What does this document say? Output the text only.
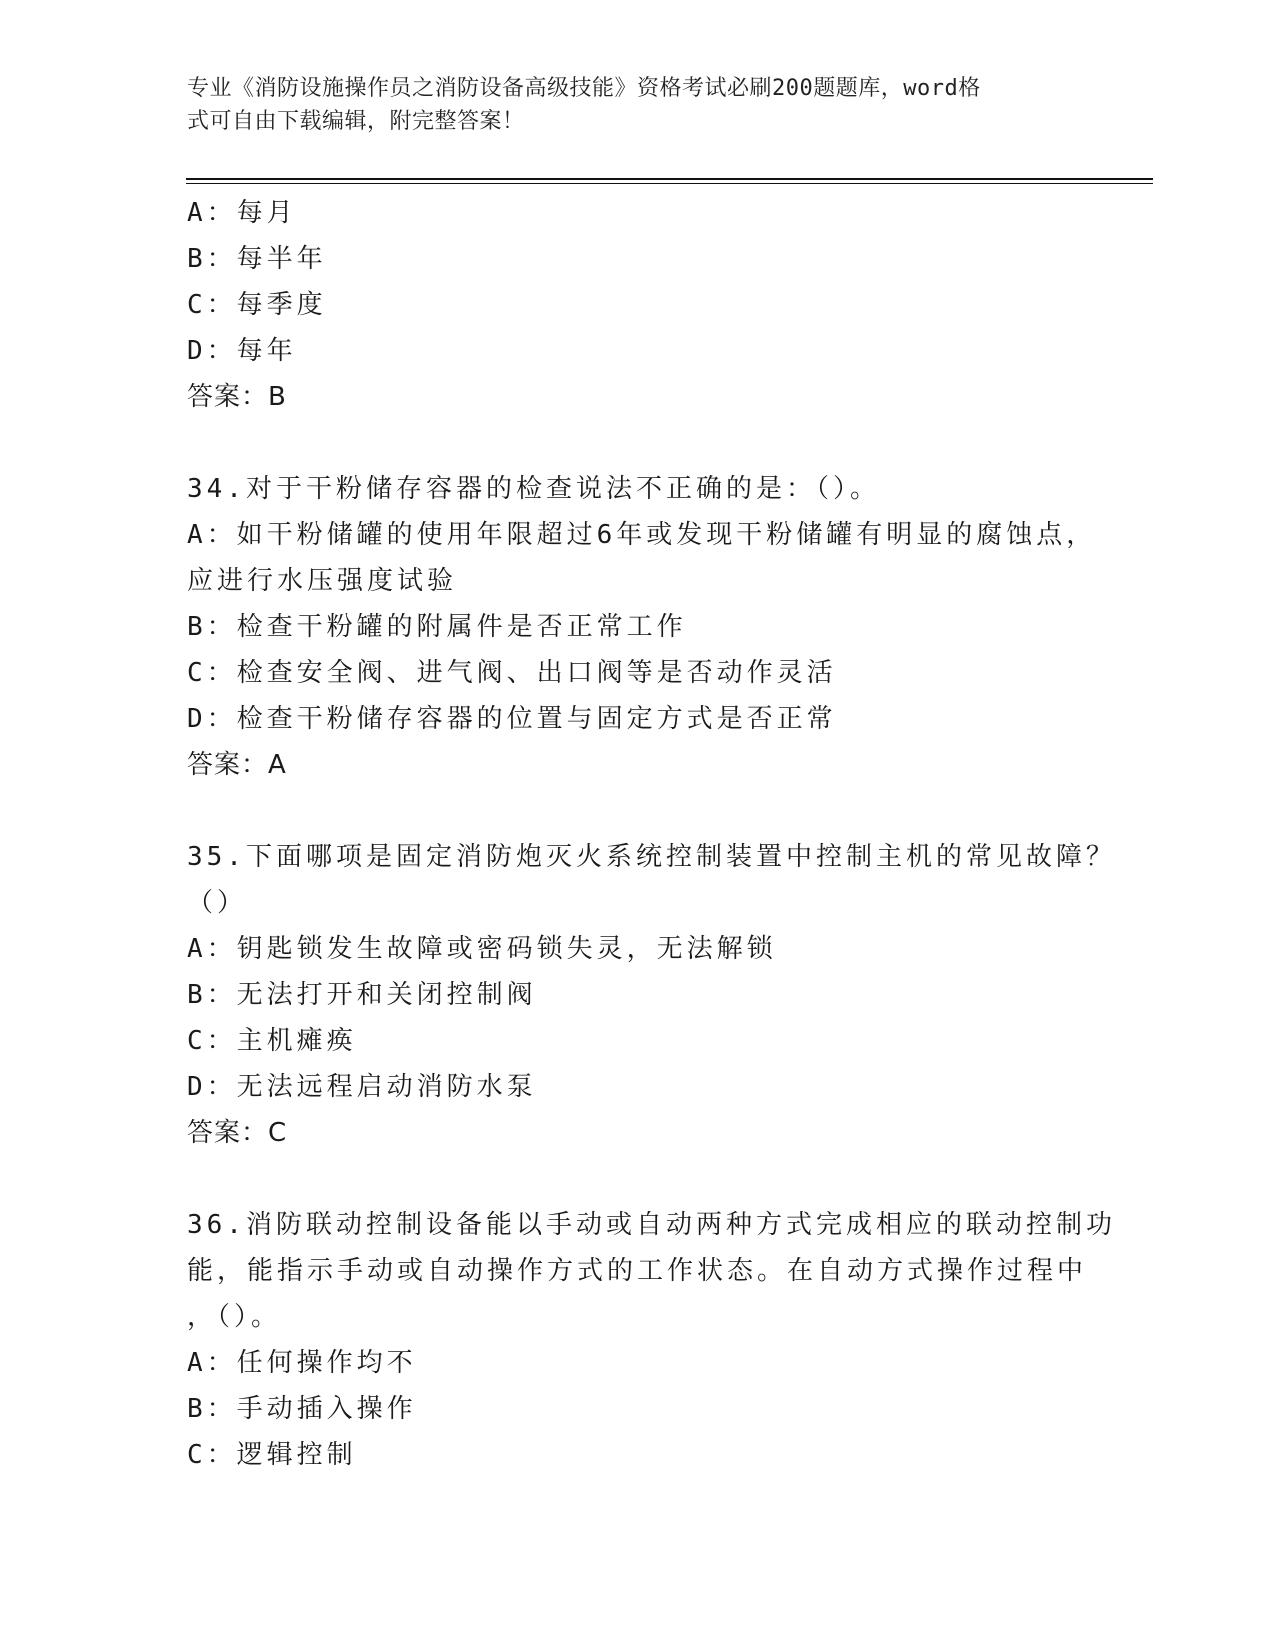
专业《消防设施操作员之消防设备高级技能》资格考试必刷200题题库，word格
式可自由下载编辑，附完整答案！
A：每月
B：每半年
C：每季度
D：每年
答案：B
34.对于干粉储存容器的检查说法不正确的是：（）。
A：如干粉储罐的使用年限超过6年或发现干粉储罐有明显的腐蚀点，
应进行水压强度试验
B：检查干粉罐的附属件是否正常工作
C：检查安全阀、进气阀、出口阀等是否动作灵活
D：检查干粉储存容器的位置与固定方式是否正常
答案：A
35.下面哪项是固定消防炮灭火系统控制装置中控制主机的常见故障？
（）
A：钥匙锁发生故障或密码锁失灵，无法解锁
B：无法打开和关闭控制阀
C：主机瘫痪
D：无法远程启动消防水泵
答案：C
36.消防联动控制设备能以手动或自动两种方式完成相应的联动控制功
能，能指示手动或自动操作方式的工作状态。在自动方式操作过程中
，（）。
A：任何操作均不
B：手动插入操作
C：逻辑控制
